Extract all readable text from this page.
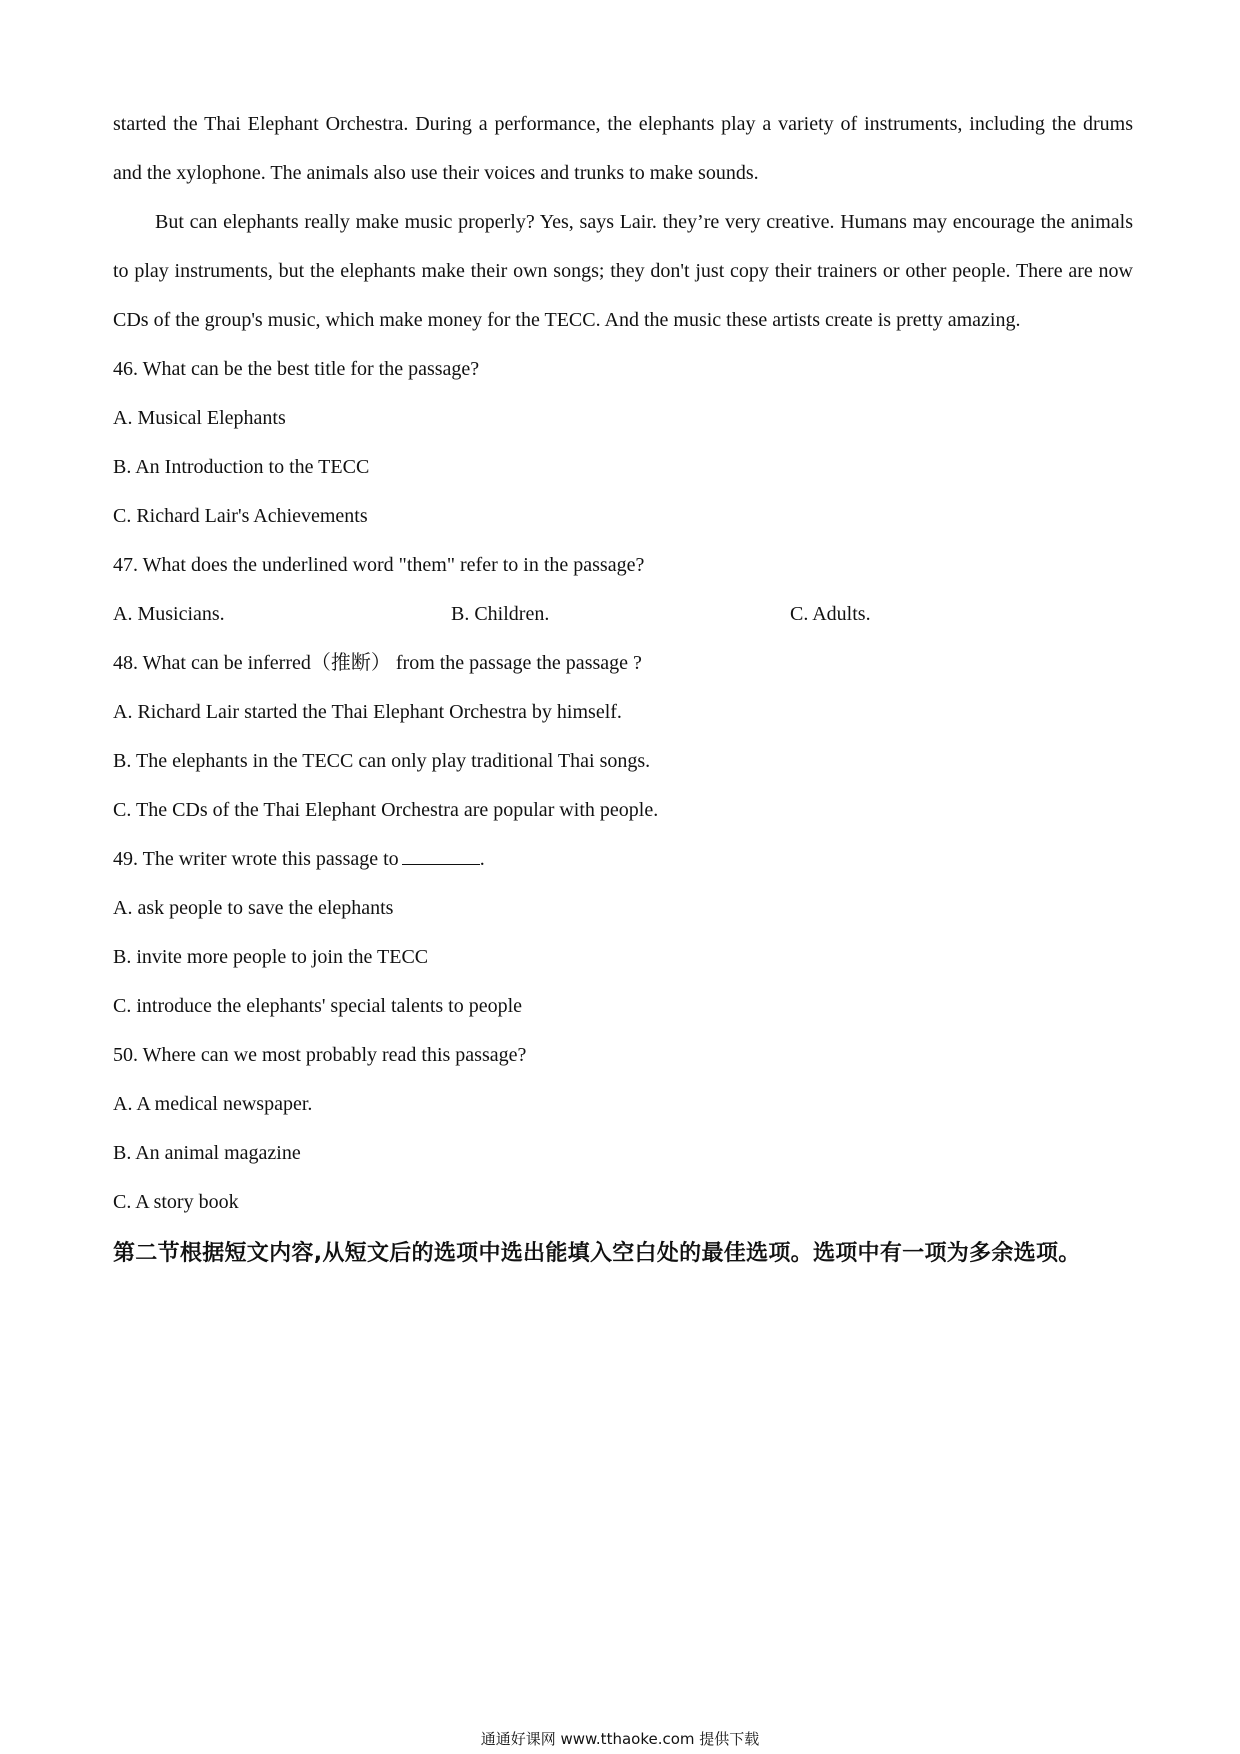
started the Thai Elephant Orchestra. During a performance, the elephants play a variety of instruments, including the drums and the xylophone. The animals also use their voices and trunks to make sounds.

But can elephants really make music properly? Yes, says Lair. they’re very creative. Humans may encourage the animals to play instruments, but the elephants make their own songs; they don't just copy their trainers or other people. There are now CDs of the group's music, which make money for the TECC. And the music these artists create is pretty amazing.

46. What can be the best title for the passage?
A. Musical Elephants
B. An Introduction to the TECC
C. Richard Lair's Achievements
47. What does the underlined word "them" refer to in the passage?
A. Musicians.	B. Children.	C. Adults.
48. What can be inferred（推断） from the passage the passage ?
A. Richard Lair started the Thai Elephant Orchestra by himself.
B. The elephants in the TECC can only play traditional Thai songs.
C. The CDs of the Thai Elephant Orchestra are popular with people.
49. The writer wrote this passage to	.
A. ask people to save the elephants
B. invite more people to join the TECC
C. introduce the elephants' special talents to people
50. Where can we most probably read this passage?
A. A medical newspaper.
B. An animal magazine
C. A story book
第二节根据短文内容,从短文后的选项中选出能填入空白处的最佳选项。选项中有一项为多余选项。
通通好课网 www.tthaoke.com 提供下载
